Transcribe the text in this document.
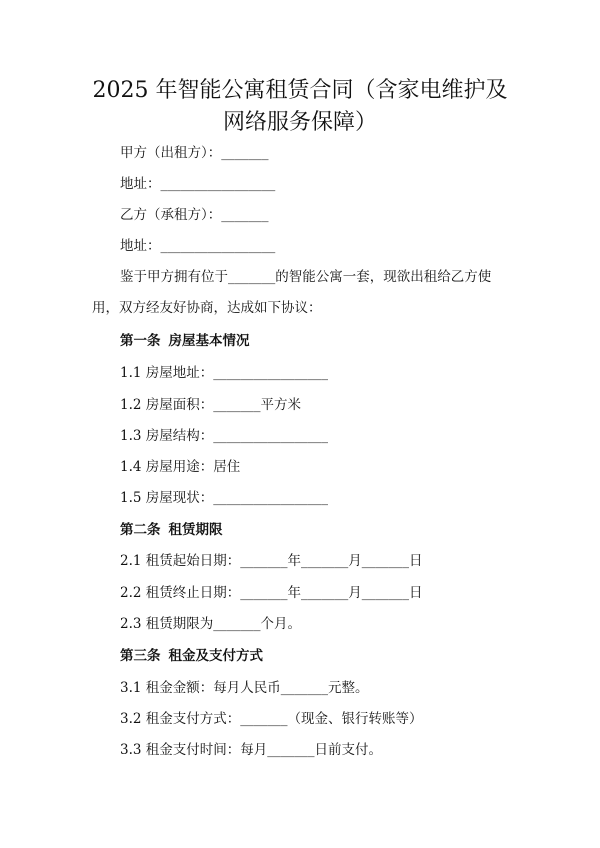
2025 年智能公寓租赁合同（含家电维护及
网络服务保障）
甲方（出租方）：_______
地址：_________________
乙方（承租方）：_______
地址：_________________
鉴于甲方拥有位于_______的智能公寓一套，现欲出租给乙方使
用，双方经友好协商，达成如下协议：
第一条 房屋基本情况
1.1 房屋地址：_________________
1.2 房屋面积：_______平方米
1.3 房屋结构：_________________
1.4 房屋用途：居住
1.5 房屋现状：_________________
第二条 租赁期限
2.1 租赁起始日期：_______年_______月_______日
2.2 租赁终止日期：_______年_______月_______日
2.3 租赁期限为_______个月。
第三条 租金及支付方式
3.1 租金金额：每月人民币_______元整。
3.2 租金支付方式：_______（现金、银行转账等）
3.3 租金支付时间：每月_______日前支付。
